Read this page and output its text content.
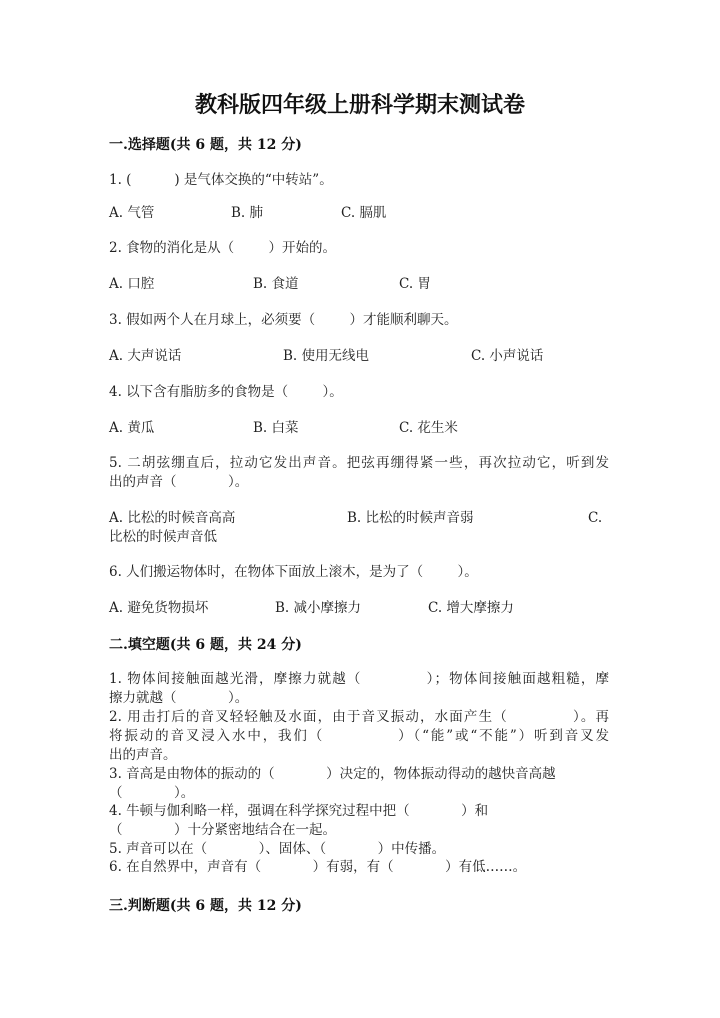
教科版四年级上册科学期末测试卷
一.选择题(共 6 题，共 12 分)
1. (          ) 是气体交换的“中转站”。
A. 气管	B. 肺	C. 膈肌
2. 食物的消化是从（        ）开始的。
A. 口腔	B. 食道	C. 胃
3. 假如两个人在月球上，必须要（        ）才能顺利聊天。
A. 大声说话	B. 使用无线电	C. 小声说话
4. 以下含有脂肪多的食物是（        ）。
A. 黄瓜	B. 白菜	C. 花生米
5. 二胡弦绷直后，拉动它发出声音。把弦再绷得紧一些，再次拉动它，听到发
出的声音（            ）。
A. 比松的时候音高高	B. 比松的时候声音弱	C.
比松的时候声音低
6. 人们搬运物体时，在物体下面放上滚木，是为了（        ）。
A. 避免货物损坏	B. 减小摩擦力	C. 增大摩擦力
二.填空题(共 6 题，共 24 分)
1. 物体间接触面越光滑，摩擦力就越（            ）；物体间接触面越粗糙，摩
擦力就越（            ）。
2. 用击打后的音叉轻轻触及水面，由于音叉振动，水面产生（            ）。再
将振动的音叉浸入水中，我们（            ）（“能”或“不能”）听到音叉发
出的声音。
3. 音高是由物体的振动的（            ）决定的，物体振动得动的越快音高越
（            ）。
4. 牛顿与伽利略一样，强调在科学探究过程中把（            ）和
（            ）十分紧密地结合在一起。
5. 声音可以在（            ）、固体、（            ）中传播。
6. 在自然界中，声音有（            ）有弱，有（            ）有低……。
三.判断题(共 6 题，共 12 分)
